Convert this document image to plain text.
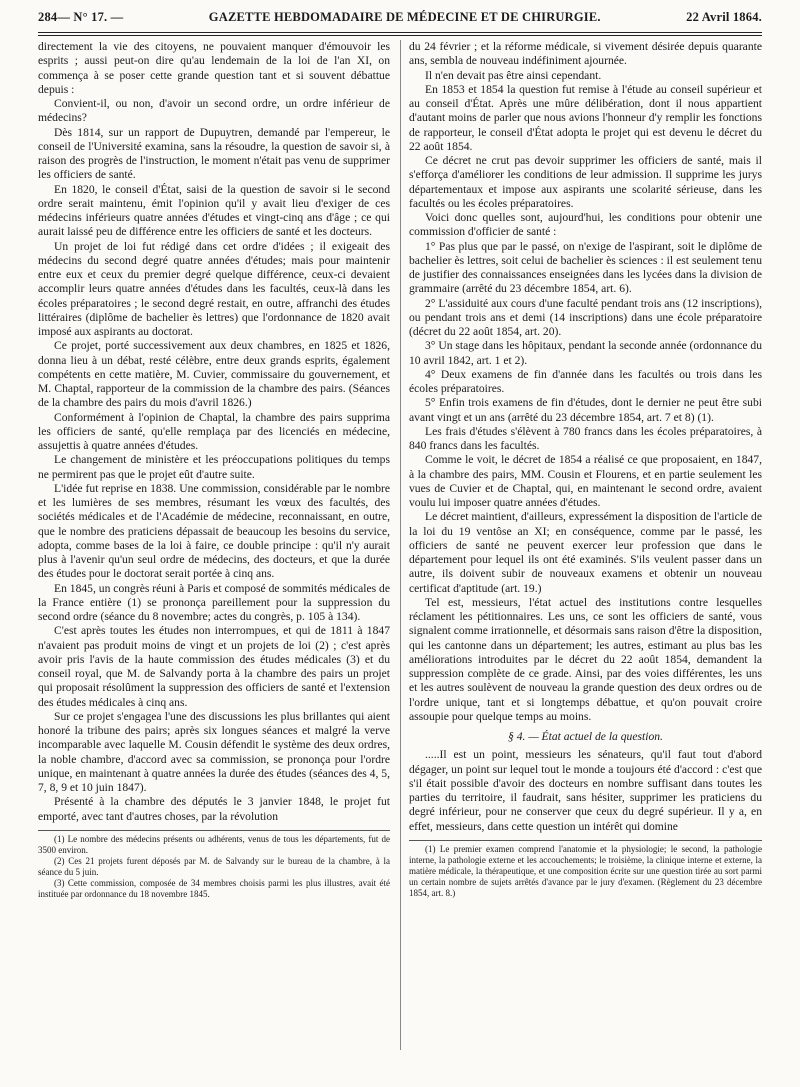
284 — N° 17. —	GAZETTE HEBDOMADAIRE DE MÉDECINE ET DE CHIRURGIE.	22 Avril 1864.

directement la vie des citoyens, ne pouvaient manquer d'émouvoir les esprits ; aussi peut-on dire qu'au lendemain de la loi de l'an XI, on commença à se poser cette grande question tant et si souvent débattue depuis :

Convient-il, ou non, d'avoir un second ordre, un ordre inférieur de médecins?

Dès 1814, sur un rapport de Dupuytren, demandé par l'empereur, le conseil de l'Université examina, sans la résoudre, la question de savoir si, à raison des progrès de l'instruction, le moment n'était pas venu de supprimer les officiers de santé.

En 1820, le conseil d'État, saisi de la question de savoir si le second ordre serait maintenu, émit l'opinion qu'il y avait lieu d'exiger de ces médecins inférieurs quatre années d'études et vingt-cinq ans d'âge ; ce qui aurait laissé peu de différence entre les officiers de santé et les docteurs.

Un projet de loi fut rédigé dans cet ordre d'idées ; il exigeait des médecins du second degré quatre années d'études; mais pour maintenir entre eux et ceux du premier degré quelque différence, ceux-ci devaient accomplir leurs quatre années d'études dans les facultés, ceux-là dans les écoles préparatoires ; le second degré restait, en outre, affranchi des études littéraires (diplôme de bachelier ès lettres) que l'ordonnance de 1820 avait imposé aux aspirants au doctorat.

Ce projet, porté successivement aux deux chambres, en 1825 et 1826, donna lieu à un débat, resté célèbre, entre deux grands esprits, également compétents en cette matière, M. Cuvier, commissaire du gouvernement, et M. Chaptal, rapporteur de la commission de la chambre des pairs. (Séances de la chambre des pairs du mois d'avril 1826.)

Conformément à l'opinion de Chaptal, la chambre des pairs supprima les officiers de santé, qu'elle remplaça par des licenciés en médecine, assujettis à quatre années d'études.

Le changement de ministère et les préoccupations politiques du temps ne permirent pas que le projet eût d'autre suite.

L'idée fut reprise en 1838. Une commission, considérable par le nombre et les lumières de ses membres, résumant les vœux des facultés, des sociétés médicales et de l'Académie de médecine, reconnaissant, en outre, que le nombre des praticiens dépassait de beaucoup les besoins du service, adopta, comme bases de la loi à faire, ce double principe : qu'il n'y aurait plus à l'avenir qu'un seul ordre de médecins, des docteurs, et que la durée des études pour le doctorat serait portée à cinq ans.

En 1845, un congrès réuni à Paris et composé de sommités médicales de la France entière (1) se prononça pareillement pour la suppression du second ordre (séance du 8 novembre; actes du congrès, p. 105 à 134).

C'est après toutes les études non interrompues, et qui de 1811 à 1847 n'avaient pas produit moins de vingt et un projets de loi (2) ; c'est après avoir pris l'avis de la haute commission des études médicales (3) et du conseil royal, que M. de Salvandy porta à la chambre des pairs un projet qui proposait résolûment la suppression des officiers de santé et l'extension des études médicales à cinq ans.

Sur ce projet s'engagea l'une des discussions les plus brillantes qui aient honoré la tribune des pairs; après six longues séances et malgré la verve incomparable avec laquelle M. Cousin défendit le système des deux ordres, la noble chambre, d'accord avec sa commission, se prononça pour l'ordre unique, en maintenant à quatre années la durée des études (séances des 4, 5, 7, 8, 9 et 10 juin 1847).

Présenté à la chambre des députés le 3 janvier 1848, le projet fut emporté, avec tant d'autres choses, par la révolution

(1) Le nombre des médecins présents ou adhérents, venus de tous les départements, fut de 3500 environ.

(2) Ces 21 projets furent déposés par M. de Salvandy sur le bureau de la chambre, à la séance du 5 juin.

(3) Cette commission, composée de 34 membres choisis parmi les plus illustres, avait été instituée par ordonnance du 18 novembre 1845.

du 24 février ; et la réforme médicale, si vivement désirée depuis quarante ans, sembla de nouveau indéfiniment ajournée.

Il n'en devait pas être ainsi cependant.

En 1853 et 1854 la question fut remise à l'étude au conseil supérieur et au conseil d'État. Après une mûre délibération, dont il nous appartient d'autant moins de parler que nous avions l'honneur d'y remplir les fonctions de rapporteur, le conseil d'État adopta le projet qui est devenu le décret du 22 août 1854.

Ce décret ne crut pas devoir supprimer les officiers de santé, mais il s'efforça d'améliorer les conditions de leur admission. Il supprime les jurys départementaux et impose aux aspirants une scolarité sérieuse, dans les facultés ou les écoles préparatoires.

Voici donc quelles sont, aujourd'hui, les conditions pour obtenir une commission d'officier de santé :

1° Pas plus que par le passé, on n'exige de l'aspirant, soit le diplôme de bachelier ès lettres, soit celui de bachelier ès sciences : il est seulement tenu de justifier des connaissances enseignées dans les lycées dans la division de grammaire (arrêté du 23 décembre 1854, art. 6).

2° L'assiduité aux cours d'une faculté pendant trois ans (12 inscriptions), ou pendant trois ans et demi (14 inscriptions) dans une école préparatoire (décret du 22 août 1854, art. 20).

3° Un stage dans les hôpitaux, pendant la seconde année (ordonnance du 10 avril 1842, art. 1 et 2).

4° Deux examens de fin d'année dans les facultés ou trois dans les écoles préparatoires.

5° Enfin trois examens de fin d'études, dont le dernier ne peut être subi avant vingt et un ans (arrêté du 23 décembre 1854, art. 7 et 8) (1).

Les frais d'études s'élèvent à 780 francs dans les écoles préparatoires, à 840 francs dans les facultés.

Comme le voit, le décret de 1854 a réalisé ce que proposaient, en 1847, à la chambre des pairs, MM. Cousin et Flourens, et en partie seulement les vues de Cuvier et de Chaptal, qui, en maintenant le second ordre, avaient voulu lui imposer quatre années d'études.

Le décret maintient, d'ailleurs, expressément la disposition de l'article de la loi du 19 ventôse an XI; en conséquence, comme par le passé, les officiers de santé ne peuvent exercer leur profession que dans le département pour lequel ils ont été examinés. S'ils veulent passer dans un autre, ils doivent subir de nouveaux examens et obtenir un nouveau certificat d'aptitude (art. 19.)

Tel est, messieurs, l'état actuel des institutions contre lesquelles réclament les pétitionnaires. Les uns, ce sont les officiers de santé, vous signalent comme irrationnelle, et désormais sans raison d'être la disposition, qui les cantonne dans un département; les autres, estimant au plus bas les améliorations introduites par le décret du 22 août 1854, demandent la suppression complète de ce grade. Ainsi, par des voies différentes, les uns et les autres soulèvent de nouveau la grande question des deux ordres ou de l'ordre unique, tant et si longtemps débattue, et qu'on pouvait croire assoupie pour quelque temps au moins.

§ 4. — État actuel de la question.

.....Il est un point, messieurs les sénateurs, qu'il faut tout d'abord dégager, un point sur lequel tout le monde a toujours été d'accord : c'est que s'il était possible d'avoir des docteurs en nombre suffisant dans toutes les parties du territoire, il faudrait, sans hésiter, supprimer les praticiens du degré inférieur, pour ne conserver que ceux du degré supérieur. Il y a, en effet, messieurs, dans cette question un intérêt qui domine

(1) Le premier examen comprend l'anatomie et la physiologie; le second, la pathologie interne, la pathologie externe et les accouchements; le troisième, la clinique interne et externe, la matière médicale, la thérapeutique, et une composition écrite sur une question tirée au sort parmi un certain nombre de sujets arrêtés d'avance par le jury d'examen. (Règlement du 23 décembre 1854, art. 8.)
